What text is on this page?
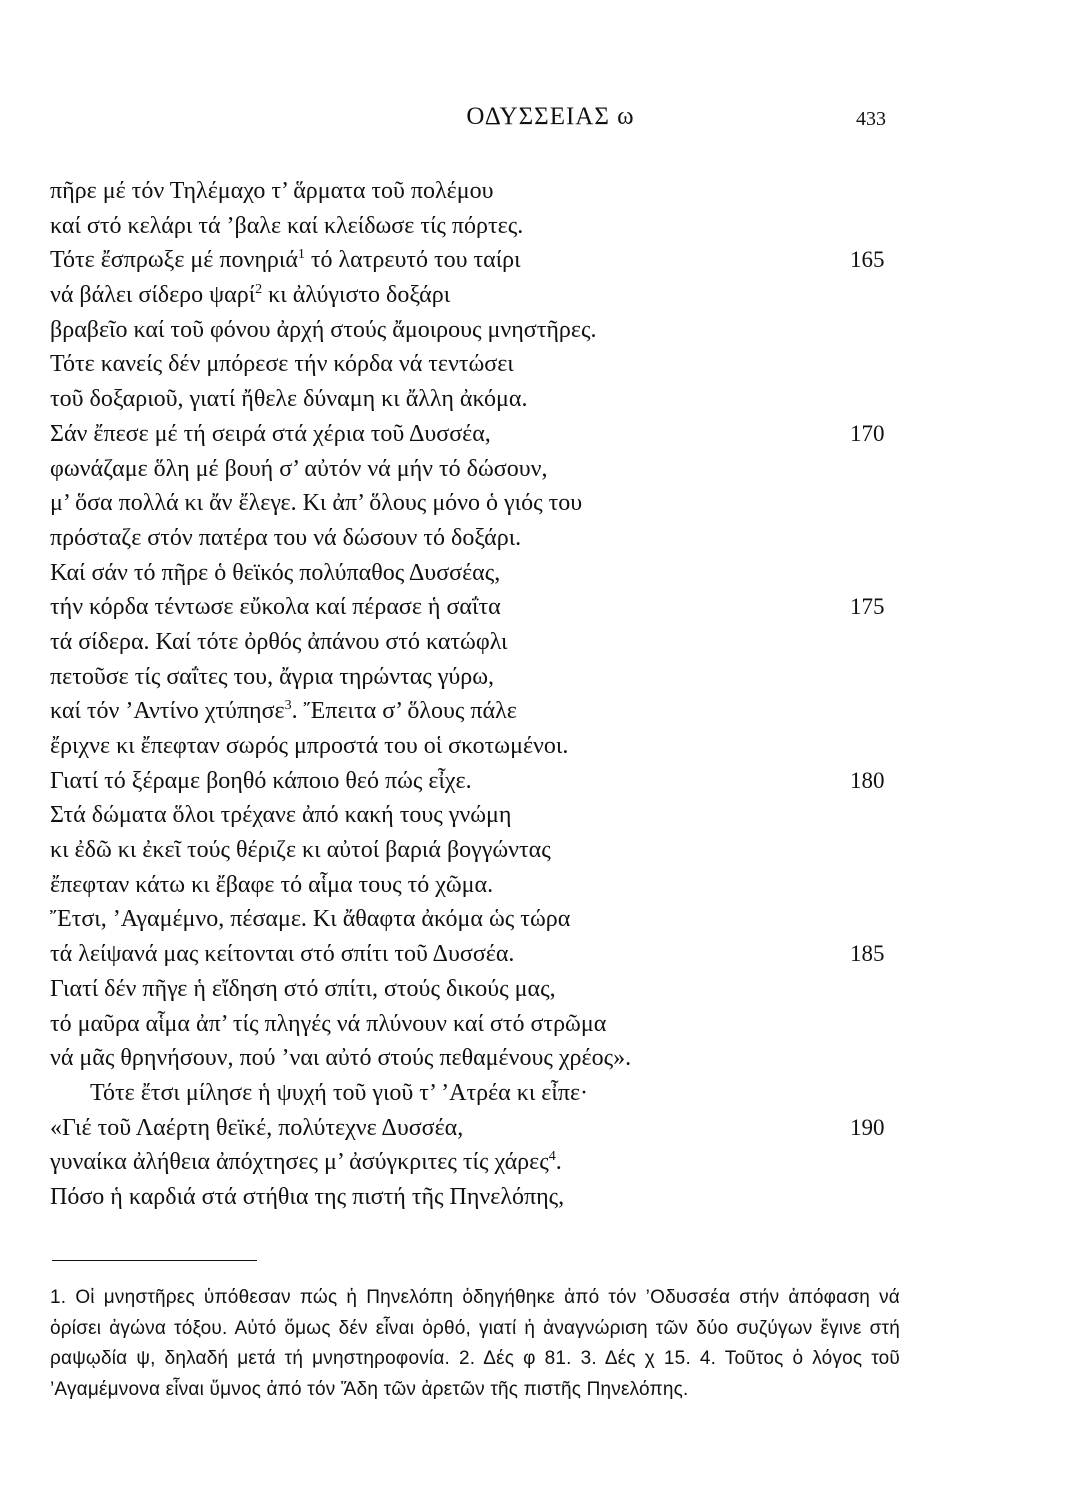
ΟΔΥΣΣΕΙΑΣ ω	433
πῆρε μέ τόν Τηλέμαχο τ’ ἅρματα τοῦ πολέμου
καί στό κελάρι τά ’βαλε καί κλείδωσε τίς πόρτες.
Τότε ἔσπρωξε μέ πονηριά$^1$ τό λατρευτό του ταίρι	165
νά βάλει σίδερο ψαρί$^2$ κι ἀλύγιστο δοξάρι
βραβεῖο καί τοῦ φόνου ἀρχή στούς ἄμοιρους μνηστῆρες.
Τότε κανείς δέν μπόρεσε τήν κόρδα νά τεντώσει
τοῦ δοξαριοῦ, γιατί ἤθελε δύναμη κι ἄλλη ἀκόμα.
Σάν ἔπεσε μέ τή σειρά στά χέρια τοῦ Δυσσέα,	170
φωνάζαμε ὅλη μέ βουή σ’ αὐτόν νά μήν τό δώσουν,
μ’ ὅσα πολλά κι ἄν ἔλεγε. Κι ἀπ’ ὅλους μόνο ὁ γιός του
πρόσταζε στόν πατέρα του νά δώσουν τό δοξάρι.
Καί σάν τό πῆρε ὁ θεϊκός πολύπαθος Δυσσέας,
τήν κόρδα τέντωσε εὔκολα καί πέρασε ἡ σαΐτα	175
τά σίδερα. Καί τότε ὀρθός ἀπάνου στό κατώφλι
πετοῦσε τίς σαΐτες του, ἄγρια τηρώντας γύρω,
καί τόν ’Αντίνο χτύπησε$^3$. Ἔπειτα σ’ ὅλους πάλε
ἔριχνε κι ἔπεφταν σωρός μπροστά του οἱ σκοτωμένοι.
Γιατί τό ξέραμε βοηθό κάποιο θεό πώς εἶχε.	180
Στά δώματα ὅλοι τρέχανε ἀπό κακή τους γνώμη
κι ἐδῶ κι ἐκεῖ τούς θέριζε κι αὐτοί βαριά βογγώντας
ἔπεφταν κάτω κι ἔβαφε τό αἷμα τους τό χῶμα.
Ἔτσι, ’Αγαμέμνο, πέσαμε. Κι ἄθαφτα ἀκόμα ὡς τώρα
τά λείψανά μας κείτονται στό σπίτι τοῦ Δυσσέα.	185
Γιατί δέν πῆγε ἡ εἴδηση στό σπίτι, στούς δικούς μας,
τό μαῦρα αἷμα ἀπ’ τίς πληγές νά πλύνουν καί στό στρῶμα
νά μᾶς θρηνήσουν, πού ’ναι αὐτό στούς πεθαμένους χρέος».
Τότε ἔτσι μίλησε ἡ ψυχή τοῦ γιοῦ τ’ ’Ατρέα κι εἶπε·
«Γιέ τοῦ Λαέρτη θεϊκέ, πολύτεχνε Δυσσέα,	190
γυναίκα ἀλήθεια ἀπόχτησες μ’ ἀσύγκριτες τίς χάρες$^4$.
Πόσο ἡ καρδιά στά στήθια της πιστή τῆς Πηνελόπης,
1. Οἱ μνηστῆρες ὑπόθεσαν πώς ἡ Πηνελόπη ὁδηγήθηκε ἀπό τόν ’Οδυσσέα στήν ἀπόφαση νά ὁρίσει ἀγώνα τόξου. Αὐτό ὅμως δέν εἶναι ὀρθό, γιατί ἡ ἀναγνώριση τῶν δύο συζύγων ἔγινε στή ραψῳδία ψ, δηλαδή μετά τή μνηστηροφονία. 2. Δές φ 81. 3. Δές χ 15. 4. Τοῦτος ὁ λόγος τοῦ ’Αγαμέμνονα εἶναι ὕμνος ἀπό τόν Ἅδη τῶν ἀρετῶν τῆς πιστῆς Πηνελόπης.
